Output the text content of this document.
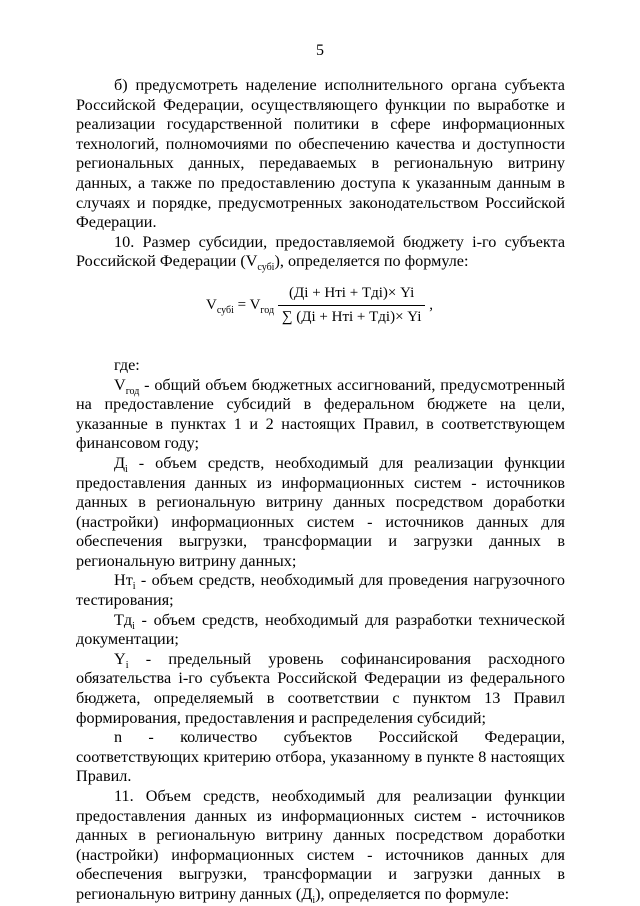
5

б) предусмотреть наделение исполнительного органа субъекта Российской Федерации, осуществляющего функции по выработке и реализации государственной политики в сфере информационных технологий, полномочиями по обеспечению качества и доступности региональных данных, передаваемых в региональную витрину данных, а также по предоставлению доступа к указанным данным в случаях и порядке, предусмотренных законодательством Российской Федерации.

10. Размер субсидии, предоставляемой бюджету i-го субъекта Российской Федерации $(V_{субi})$, определяется по формуле:

$V_{субi} = V_{год} \frac{\text{(Дi + Нтi + Тдi)× Yi}}{\text{∑ (Дi + Нтi + Тдi)× Yi}}$ ,

где:

$V_{год}$ - общий объем бюджетных ассигнований, предусмотренный на предоставление субсидий в федеральном бюджете на цели, указанные в пунктах 1 и 2 настоящих Правил, в соответствующем финансовом году;

$Д_i$ - объем средств, необходимый для реализации функции предоставления данных из информационных систем - источников данных в региональную витрину данных посредством доработки (настройки) информационных систем - источников данных для обеспечения выгрузки, трансформации и загрузки данных в региональную витрину данных;

$Нт_i$ - объем средств, необходимый для проведения нагрузочного тестирования;

$Тд_i$ - объем средств, необходимый для разработки технической документации;

$Y_i$ - предельный уровень софинансирования расходного обязательства i-го субъекта Российской Федерации из федерального бюджета, определяемый в соответствии с пунктом 13 Правил формирования, предоставления и распределения субсидий;

n - количество субъектов Российской Федерации, соответствующих критерию отбора, указанному в пункте 8 настоящих Правил.

11. Объем средств, необходимый для реализации функции предоставления данных из информационных систем - источников данных в региональную витрину данных посредством доработки (настройки) информационных систем - источников данных для обеспечения выгрузки, трансформации и загрузки данных в региональную витрину данных $(Д_i)$, определяется по формуле:
